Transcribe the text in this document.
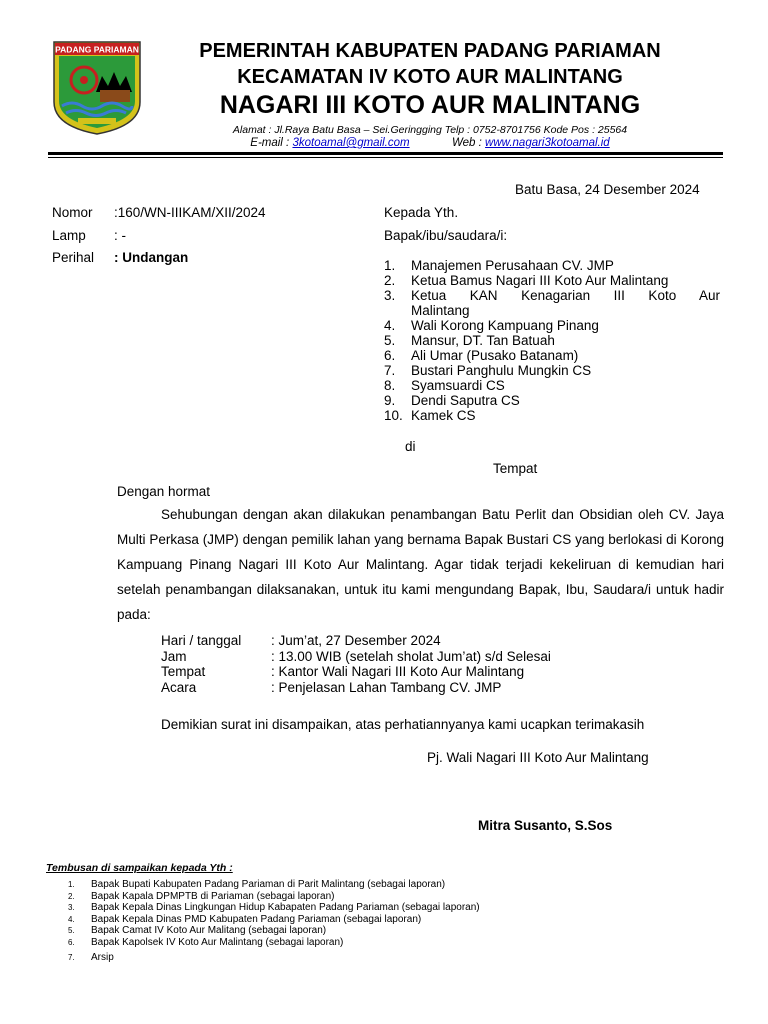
PADANG PARIAMAN	PEMERINTAH KABUPATEN PADANG PARIAMAN
KECAMATAN IV KOTO AUR MALINTANG
NAGARI III KOTO AUR MALINTANG
Alamat : Jl.Raya Batu Basa – Sei.Geringging Telp : 0752-8701756 Kode Pos : 25564
E-mail : 3kotoamal@gmail.com	Web : www.nagari3kotoamal.id
Batu Basa, 24 Desember 2024
Nomor :160/WN-IIIKAM/XII/2024
Lamp : -
Perihal : Undangan
Kepada Yth.
Bapak/ibu/saudara/i:
1.	Manajemen Perusahaan CV. JMP
2.	Ketua Bamus Nagari III Koto Aur Malintang
3.	Ketua KAN Kenagarian III Koto Aur
Malintang
4.	Wali Korong Kampuang Pinang
5.	Mansur, DT. Tan Batuah
6.	Ali Umar (Pusako Batanam)
7.	Bustari Panghulu Mungkin CS
8.	Syamsuardi CS
9.	Dendi Saputra CS
10. Kamek CS
di
Tempat
Dengan hormat
Sehubungan dengan akan dilakukan penambangan Batu Perlit dan Obsidian oleh CV. Jaya Multi Perkasa (JMP) dengan pemilik lahan yang bernama Bapak Bustari CS yang berlokasi di Korong Kampuang Pinang Nagari III Koto Aur Malintang. Agar tidak terjadi kekeliruan di kemudian hari setelah penambangan dilaksanakan, untuk itu kami mengundang Bapak, Ibu, Saudara/i untuk hadir pada:
Hari / tanggal	: Jum’at, 27 Desember 2024
Jam	: 13.00 WIB (setelah sholat Jum’at) s/d Selesai
Tempat	: Kantor Wali Nagari III Koto Aur Malintang
Acara	: Penjelasan Lahan Tambang CV. JMP
Demikian surat ini disampaikan, atas perhatiannyanya kami ucapkan terimakasih
Pj. Wali Nagari III Koto Aur Malintang
Mitra Susanto, S.Sos
Tembusan di sampaikan kepada Yth :
1.	Bapak Bupati Kabupaten Padang Pariaman di Parit Malintang (sebagai laporan)
2.	Bapak Kapala DPMPTB di Pariaman (sebagai laporan)
3.	Bapak Kepala Dinas Lingkungan Hidup Kabapaten Padang Pariaman (sebagai laporan)
4.	Bapak Kepala Dinas PMD Kabupaten Padang Pariaman (sebagai laporan)
5.	Bapak Camat IV Koto Aur Malitang (sebagai laporan)
6.	Bapak Kapolsek IV Koto Aur Malintang (sebagai laporan)
7.	Arsip
